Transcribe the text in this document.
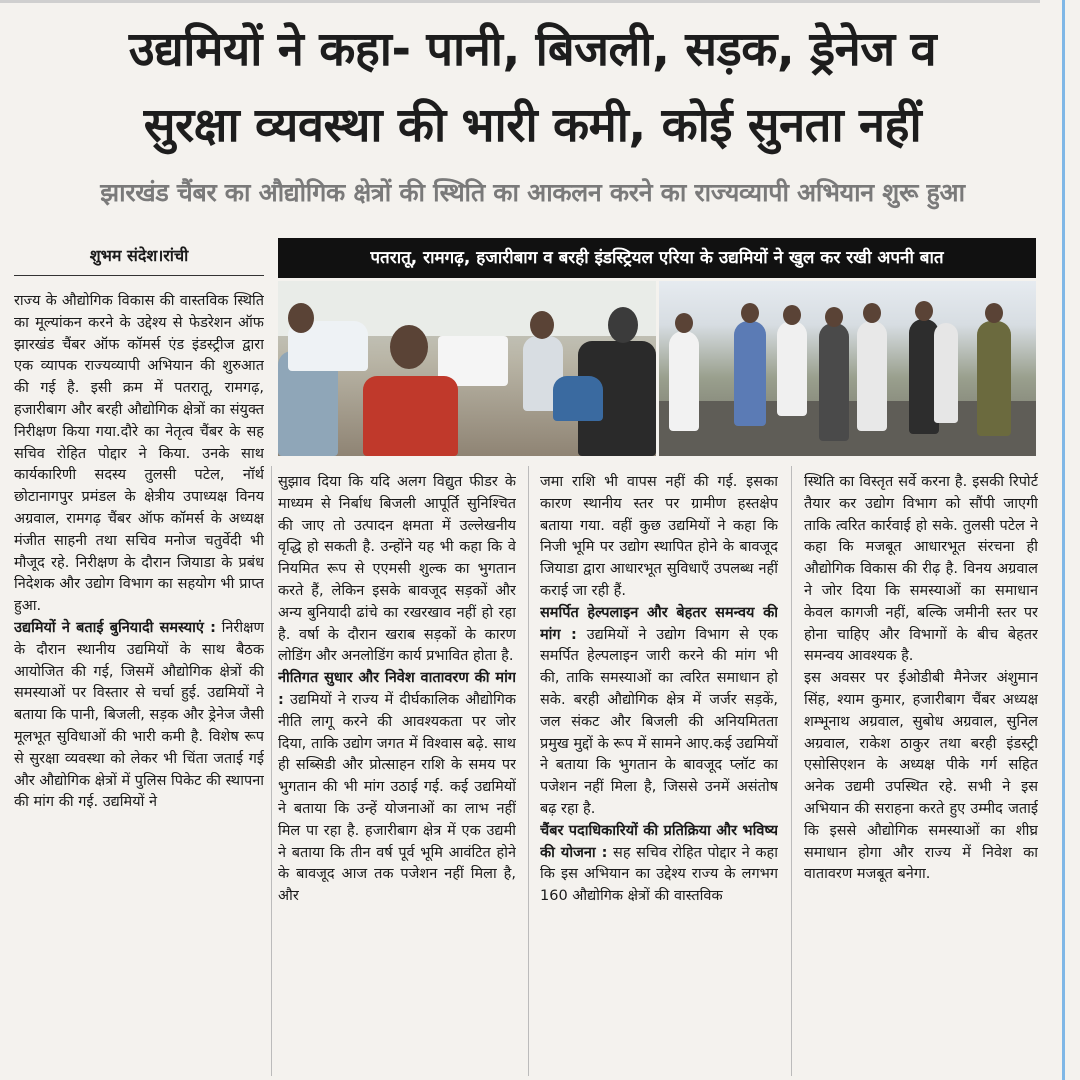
उद्यमियों ने कहा- पानी, बिजली, सड़क, ड्रेनेज व
सुरक्षा व्यवस्था की भारी कमी, कोई सुनता नहीं
झारखंड चैंबर का औद्योगिक क्षेत्रों की स्थिति का आकलन करने का राज्यव्यापी अभियान शुरू हुआ
शुभम संदेश।रांची	पतरातू, रामगढ़, हजारीबाग व बरही इंडस्ट्रियल एरिया के उद्यमियों ने खुल कर रखी अपनी बात

राज्य के औद्योगिक विकास की वास्तविक स्थिति का मूल्यांकन करने के उद्देश्य से फेडरेशन ऑफ झारखंड चैंबर ऑफ कॉमर्स एंड इंडस्ट्रीज द्वारा एक व्यापक राज्यव्यापी अभियान की शुरुआत की गई है. इसी क्रम में पतरातू, रामगढ़, हजारीबाग और बरही औद्योगिक क्षेत्रों का संयुक्त निरीक्षण किया गया.दौरे का नेतृत्व चैंबर के सह सचिव रोहित पोद्दार ने किया. उनके साथ कार्यकारिणी सदस्य तुलसी पटेल, नॉर्थ छोटानागपुर प्रमंडल के क्षेत्रीय उपाध्यक्ष विनय अग्रवाल, रामगढ़ चैंबर ऑफ कॉमर्स के अध्यक्ष मंजीत साहनी तथा सचिव मनोज चतुर्वेदी भी मौजूद रहे. निरीक्षण के दौरान जियाडा के प्रबंध निदेशक और उद्योग विभाग का सहयोग भी प्राप्त हुआ.

उद्यमियों ने बताई बुनियादी समस्याएं : निरीक्षण के दौरान स्थानीय उद्यमियों के साथ बैठक आयोजित की गई, जिसमें औद्योगिक क्षेत्रों की समस्याओं पर विस्तार से चर्चा हुई. उद्यमियों ने बताया कि पानी, बिजली, सड़क और ड्रेनेज जैसी मूलभूत सुविधाओं की भारी कमी है. विशेष रूप से सुरक्षा व्यवस्था को लेकर भी चिंता जताई गई और औद्योगिक क्षेत्रों में पुलिस पिकेट की स्थापना की मांग की गई. उद्यमियों ने

सुझाव दिया कि यदि अलग विद्युत फीडर के माध्यम से निर्बाध बिजली आपूर्ति सुनिश्चित की जाए तो उत्पादन क्षमता में उल्लेखनीय वृद्धि हो सकती है. उन्होंने यह भी कहा कि वे नियमित रूप से एएमसी शुल्क का भुगतान करते हैं, लेकिन इसके बावजूद सड़कों और अन्य बुनियादी ढांचे का रखरखाव नहीं हो रहा है. वर्षा के दौरान खराब सड़कों के कारण लोडिंग और अनलोडिंग कार्य प्रभावित होता है.

नीतिगत सुधार और निवेश वातावरण की मांग : उद्यमियों ने राज्य में दीर्घकालिक औद्योगिक नीति लागू करने की आवश्यकता पर जोर दिया, ताकि उद्योग जगत में विश्वास बढ़े. साथ ही सब्सिडी और प्रोत्साहन राशि के समय पर भुगतान की भी मांग उठाई गई. कई उद्यमियों ने बताया कि उन्हें योजनाओं का लाभ नहीं मिल पा रहा है. हजारीबाग क्षेत्र में एक उद्यमी ने बताया कि तीन वर्ष पूर्व भूमि आवंटित होने के बावजूद आज तक पजेशन नहीं मिला है, और

जमा राशि भी वापस नहीं की गई. इसका कारण स्थानीय स्तर पर ग्रामीण हस्तक्षेप बताया गया. वहीं कुछ उद्यमियों ने कहा कि निजी भूमि पर उद्योग स्थापित होने के बावजूद जियाडा द्वारा आधारभूत सुविधाएँ उपलब्ध नहीं कराई जा रही हैं.

समर्पित हेल्पलाइन और बेहतर समन्वय की मांग : उद्यमियों ने उद्योग विभाग से एक समर्पित हेल्पलाइन जारी करने की मांग भी की, ताकि समस्याओं का त्वरित समाधान हो सके. बरही औद्योगिक क्षेत्र में जर्जर सड़कें, जल संकट और बिजली की अनियमितता प्रमुख मुद्दों के रूप में सामने आए.कई उद्यमियों ने बताया कि भुगतान के बावजूद प्लॉट का पजेशन नहीं मिला है, जिससे उनमें असंतोष बढ़ रहा है.

चैंबर पदाधिकारियों की प्रतिक्रिया और भविष्य की योजना : सह सचिव रोहित पोद्दार ने कहा कि इस अभियान का उद्देश्य राज्य के लगभग 160 औद्योगिक क्षेत्रों की वास्तविक

स्थिति का विस्तृत सर्वे करना है. इसकी रिपोर्ट तैयार कर उद्योग विभाग को सौंपी जाएगी ताकि त्वरित कार्रवाई हो सके. तुलसी पटेल ने कहा कि मजबूत आधारभूत संरचना ही औद्योगिक विकास की रीढ़ है. विनय अग्रवाल ने जोर दिया कि समस्याओं का समाधान केवल कागजी नहीं, बल्कि जमीनी स्तर पर होना चाहिए और विभागों के बीच बेहतर समन्वय आवश्यक है.

इस अवसर पर ईओडीबी मैनेजर अंशुमान सिंह, श्याम कुमार, हजारीबाग चैंबर अध्यक्ष शम्भूनाथ अग्रवाल, सुबोध अग्रवाल, सुनिल अग्रवाल, राकेश ठाकुर तथा बरही इंडस्ट्री एसोसिएशन के अध्यक्ष पीके गर्ग सहित अनेक उद्यमी उपस्थित रहे. सभी ने इस अभियान की सराहना करते हुए उम्मीद जताई कि इससे औद्योगिक समस्याओं का शीघ्र समाधान होगा और राज्य में निवेश का वातावरण मजबूत बनेगा.
